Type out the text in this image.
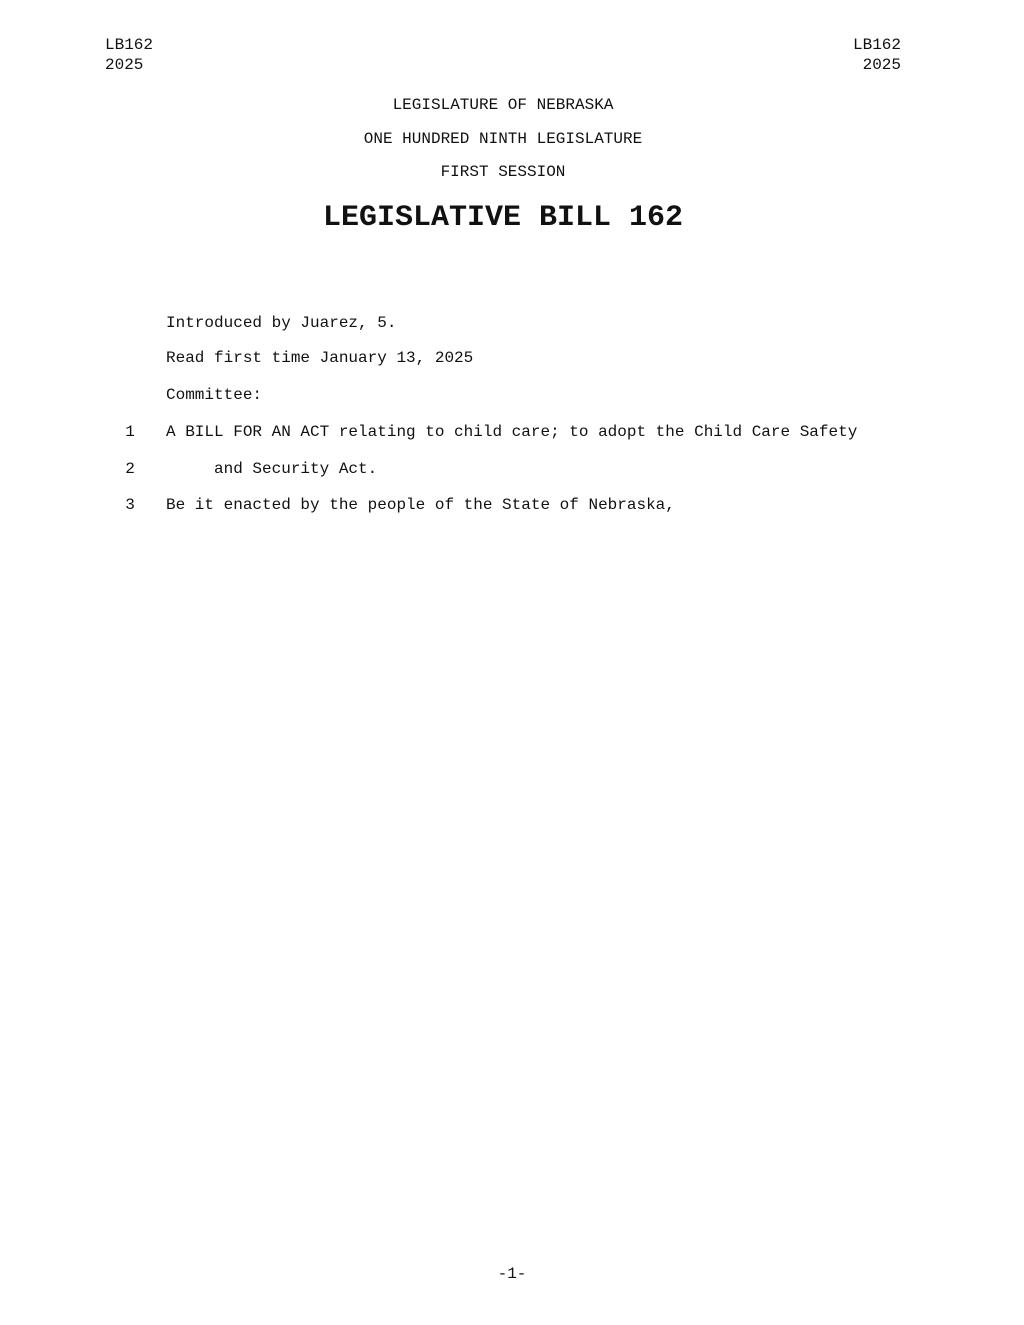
LB162
2025
LB162
2025
LEGISLATURE OF NEBRASKA
ONE HUNDRED NINTH LEGISLATURE
FIRST SESSION
LEGISLATIVE BILL 162
Introduced by Juarez, 5.
Read first time January 13, 2025
Committee:
1	A BILL FOR AN ACT relating to child care; to adopt the Child Care Safety
2	and Security Act.
3	Be it enacted by the people of the State of Nebraska,
-1-
